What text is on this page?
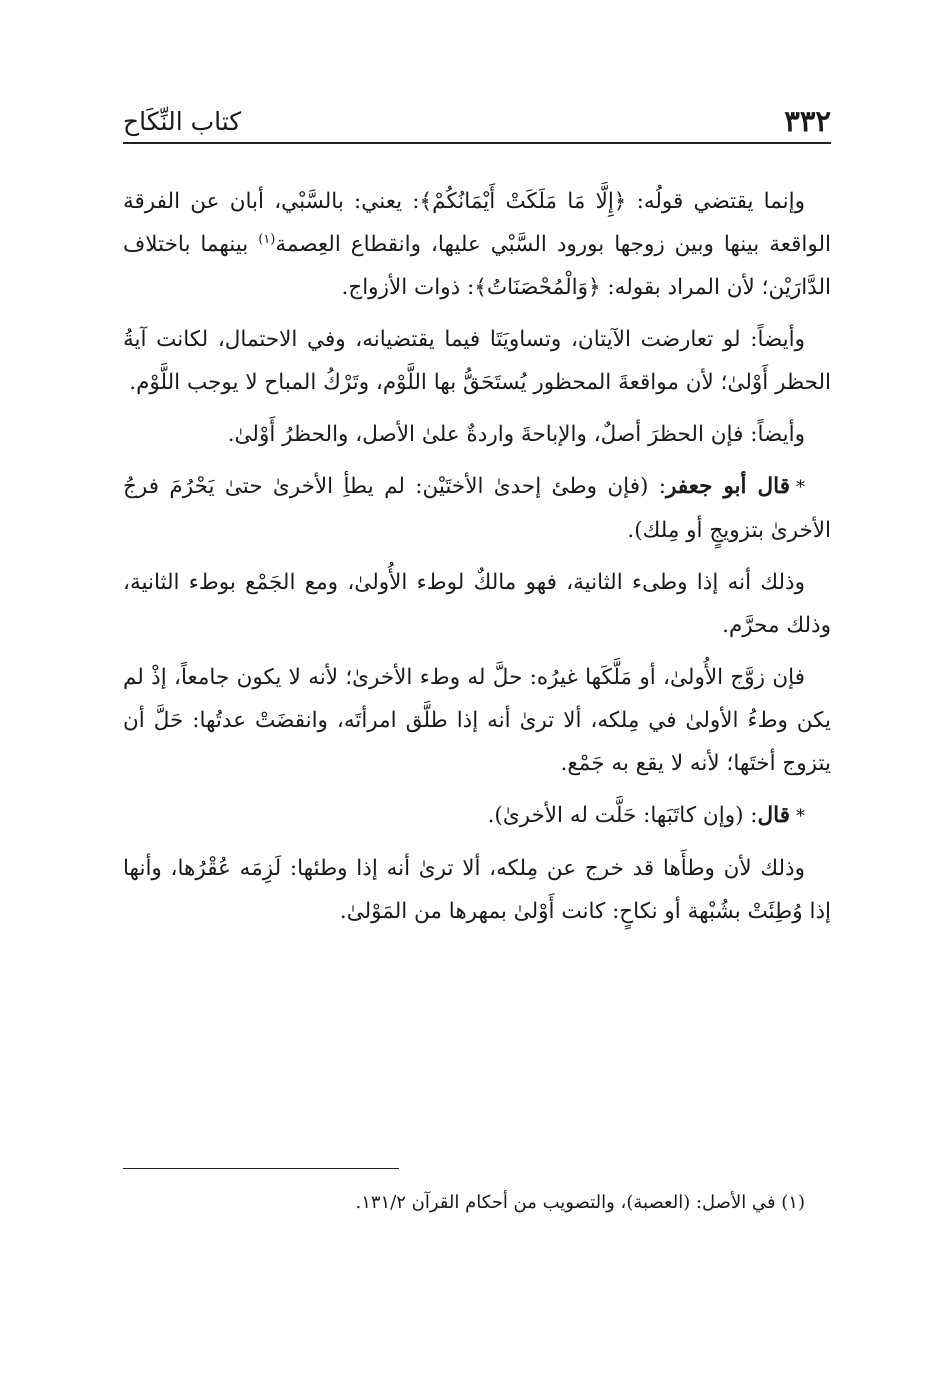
٣٣٢
كتاب النِّكَاح

وإنما يقتضي قولُه: ﴿إِلَّا مَا مَلَكَتْ أَيْمَانُكُمْ﴾: يعني: بالسَّبْي، أبان عن الفرقة الواقعة بينها وبين زوجها بورود السَّبْي عليها، وانقطاع العِصمة$^{(١)}$ بينهما باختلاف الدَّارَيْن؛ لأن المراد بقوله: ﴿وَالْمُحْصَنَاتُ﴾: ذوات الأزواج.

وأيضاً: لو تعارضت الآيتان، وتساويَتَا فيما يقتضيانه، وفي الاحتمال، لكانت آيةُ الحظر أَوْلىٰ؛ لأن مواقعةَ المحظور يُستَحَقُّ بها اللَّوْم، وتَرْكُ المباح لا يوجب اللَّوْم.

وأيضاً: فإن الحظرَ أصلٌ، والإباحةَ واردةٌ علىٰ الأصل، والحظرُ أَوْلىٰ.

*قال أبو جعفر: (فإن وطئ إحدىٰ الأختَيْن: لم يطأِ الأخرىٰ حتىٰ يَحْرُمَ فرجُ الأخرىٰ بتزويجٍ أو مِلك).

وذلك أنه إذا وطىء الثانية، فهو مالكٌ لوطء الأُولىٰ، ومع الجَمْع بوطء الثانية، وذلك محرَّم.

فإن زوَّج الأُولىٰ، أو مَلَّكَها غيرُه: حلَّ له وطء الأخرىٰ؛ لأنه لا يكون جامعاً، إذْ لم يكن وطءُ الأولىٰ في مِلكه، ألا ترىٰ أنه إذا طلَّق امرأتَه، وانقضَتْ عدتُها: حَلَّ أن يتزوج أختَها؛ لأنه لا يقع به جَمْع.

*قال: (وإن كاتَبَها: حَلَّت له الأخرىٰ).

وذلك لأن وطأَها قد خرج عن مِلكه، ألا ترىٰ أنه إذا وطئها: لَزِمَه عُقْرُها، وأنها إذا وُطِئَتْ بشُبْهة أو نكاحٍ: كانت أَوْلىٰ بمهرها من المَوْلىٰ.

(١) في الأصل: (العصبة)، والتصويب من أحكام القرآن ١٣١/٢.
